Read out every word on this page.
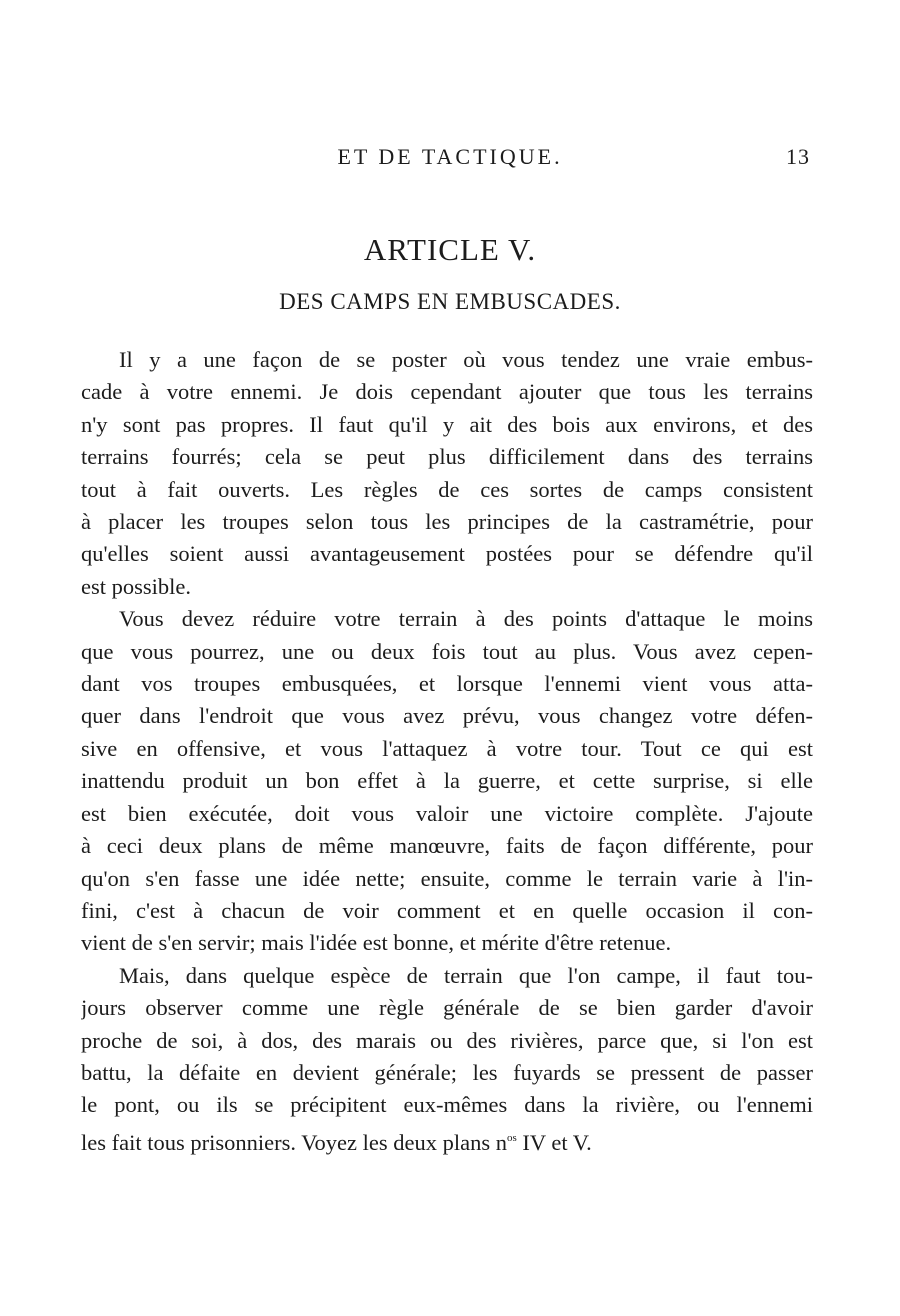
ET DE TACTIQUE.	13
ARTICLE V.
DES CAMPS EN EMBUSCADES.

Il y a une façon de se poster où vous tendez une vraie embus-
cade à votre ennemi. Je dois cependant ajouter que tous les terrains
n'y sont pas propres. Il faut qu'il y ait des bois aux environs, et des
terrains fourrés; cela se peut plus difficilement dans des terrains
tout à fait ouverts. Les règles de ces sortes de camps consistent
à placer les troupes selon tous les principes de la castramétrie, pour
qu'elles soient aussi avantageusement postées pour se défendre qu'il
est possible.

Vous devez réduire votre terrain à des points d'attaque le moins
que vous pourrez, une ou deux fois tout au plus. Vous avez cepen-
dant vos troupes embusquées, et lorsque l'ennemi vient vous atta-
quer dans l'endroit que vous avez prévu, vous changez votre défen-
sive en offensive, et vous l'attaquez à votre tour. Tout ce qui est
inattendu produit un bon effet à la guerre, et cette surprise, si elle
est bien exécutée, doit vous valoir une victoire complète. J'ajoute
à ceci deux plans de même manœuvre, faits de façon différente, pour
qu'on s'en fasse une idée nette; ensuite, comme le terrain varie à l'in-
fini, c'est à chacun de voir comment et en quelle occasion il con-
vient de s'en servir; mais l'idée est bonne, et mérite d'être retenue.

Mais, dans quelque espèce de terrain que l'on campe, il faut tou-
jours observer comme une règle générale de se bien garder d'avoir
proche de soi, à dos, des marais ou des rivières, parce que, si l'on est
battu, la défaite en devient générale; les fuyards se pressent de passer
le pont, ou ils se précipitent eux-mêmes dans la rivière, ou l'ennemi
les fait tous prisonniers. Voyez les deux plans $n^{os}$ IV et V.
